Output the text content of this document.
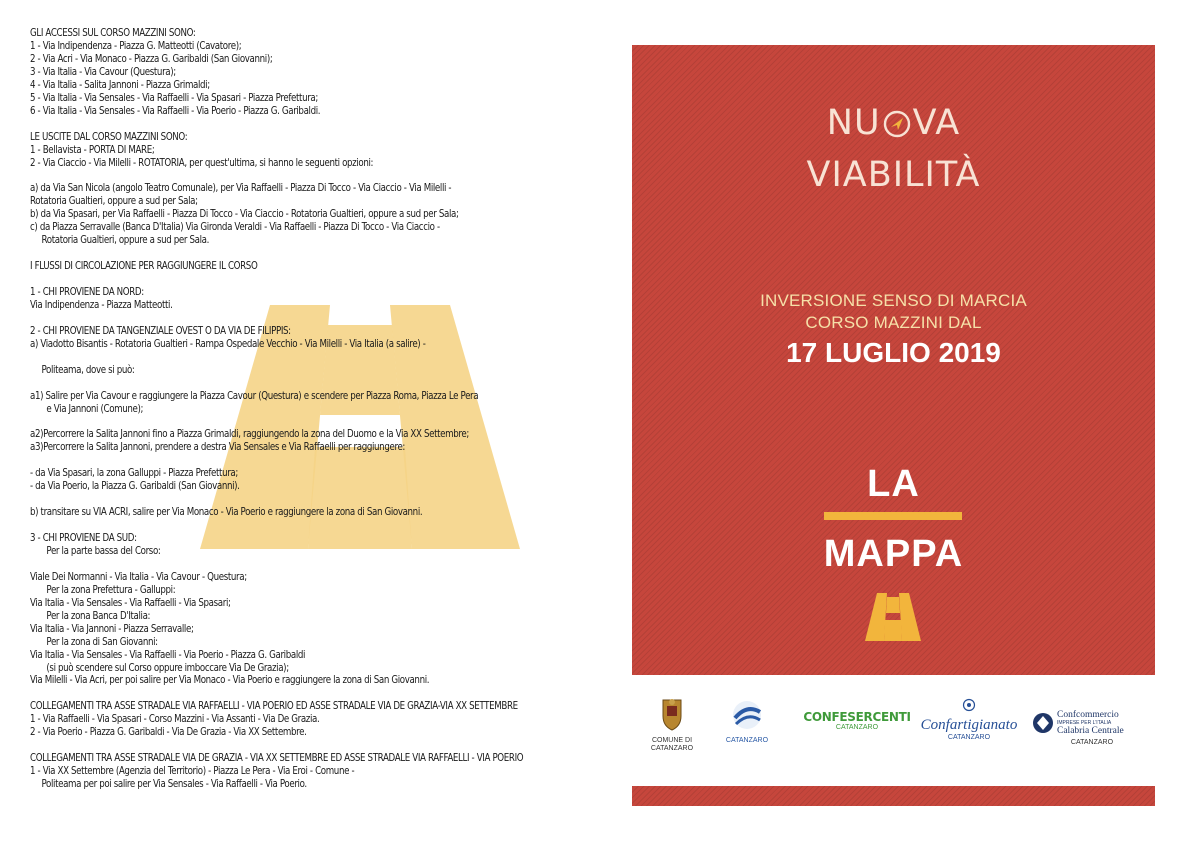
GLI ACCESSI SUL CORSO MAZZINI SONO:
1 - Via Indipendenza - Piazza G. Matteotti (Cavatore);
2 - Via Acri - Via Monaco - Piazza G. Garibaldi (San Giovanni);
3 - Via Italia - Via Cavour (Questura);
4 - Via Italia - Salita Jannoni - Piazza Grimaldi;
5 - Via Italia - Via Sensales - Via Raffaelli - Via Spasari - Piazza Prefettura;
6 - Via Italia - Via Sensales - Via Raffaelli - Via Poerio - Piazza G. Garibaldi.
LE USCITE DAL CORSO MAZZINI SONO:
1 - Bellavista - PORTA DI MARE;
2 - Via Ciaccio - Via Milelli - ROTATORIA, per quest'ultima, si hanno le seguenti opzioni:
a) da Via San Nicola (angolo Teatro Comunale), per Via Raffaelli - Piazza Di Tocco - Via Ciaccio - Via Milelli -
Rotatoria Gualtieri, oppure a sud per Sala;
b) da Via Spasari, per Via Raffaelli - Piazza Di Tocco - Via Ciaccio - Rotatoria Gualtieri, oppure a sud per Sala;
c) da Piazza Serravalle (Banca D'Italia) Via Gironda Veraldi - Via Raffaelli - Piazza Di Tocco - Via Ciaccio -
Rotatoria Gualtieri, oppure a sud per Sala.
I FLUSSI DI CIRCOLAZIONE PER RAGGIUNGERE IL CORSO
1 - CHI PROVIENE DA NORD:
Via Indipendenza - Piazza Matteotti.
2 - CHI PROVIENE DA TANGENZIALE OVEST O DA VIA DE FILIPPIS:
a) Viadotto Bisantis - Rotatoria Gualtieri - Rampa Ospedale Vecchio - Via Milelli - Via Italia (a salire) -
Politeama, dove si può:
a1) Salire per Via Cavour e raggiungere la Piazza Cavour (Questura) e scendere per Piazza Roma, Piazza Le Pera
e Via Jannoni (Comune);
a2)Percorrere la Salita Jannoni fino a Piazza Grimaldi, raggiungendo la zona del Duomo e la Via XX Settembre;
a3)Percorrere la Salita Jannoni, prendere a destra Via Sensales e Via Raffaelli per raggiungere:
- da Via Spasari, la zona Galluppi - Piazza Prefettura;
- da Via Poerio, la Piazza G. Garibaldi (San Giovanni).
b) transitare su VIA ACRI, salire per Via Monaco - Via Poerio e raggiungere la zona di San Giovanni.
3 - CHI PROVIENE DA SUD:
Per la parte bassa del Corso:
Viale Dei Normanni - Via Italia - Via Cavour - Questura;
Per la zona Prefettura - Galluppi:
Via Italia - Via Sensales - Via Raffaelli - Via Spasari;
Per la zona Banca D'Italia:
Via Italia - Via Jannoni - Piazza Serravalle;
Per la zona di San Giovanni:
Via Italia - Via Sensales - Via Raffaelli - Via Poerio - Piazza G. Garibaldi
(si può scendere sul Corso oppure imboccare Via De Grazia);
Via Milelli - Via Acri, per poi salire per Via Monaco - Via Poerio e raggiungere la zona di San Giovanni.
COLLEGAMENTI TRA ASSE STRADALE VIA RAFFAELLI - VIA POERIO ED ASSE STRADALE VIA DE GRAZIA-VIA XX SETTEMBRE
1 - Via Raffaelli - Via Spasari - Corso Mazzini - Via Assanti - Via De Grazia.
2 - Via Poerio - Piazza G. Garibaldi - Via De Grazia - Via XX Settembre.
COLLEGAMENTI TRA ASSE STRADALE VIA DE GRAZIA - VIA XX SETTEMBRE ED ASSE STRADALE VIA RAFFAELLI - VIA POERIO
1 - Via XX Settembre (Agenzia del Territorio) - Piazza Le Pera - Via Eroi - Comune -
Politeama per poi salire per Via Sensales - Via Raffaelli - Via Poerio.
NU VA
VIABILITÀ
INVERSIONE SENSO DI MARCIA
CORSO MAZZINI DAL
17 LUGLIO 2019
LA
MAPPA
COMUNE DI
CATANZARO
CATANZARO
CONFESERCENTI
CATANZARO	Confartigianato
CATANZARO
Confcommercio
IMPRESE PER L'ITALIA
Calabria Centrale
CATANZARO
